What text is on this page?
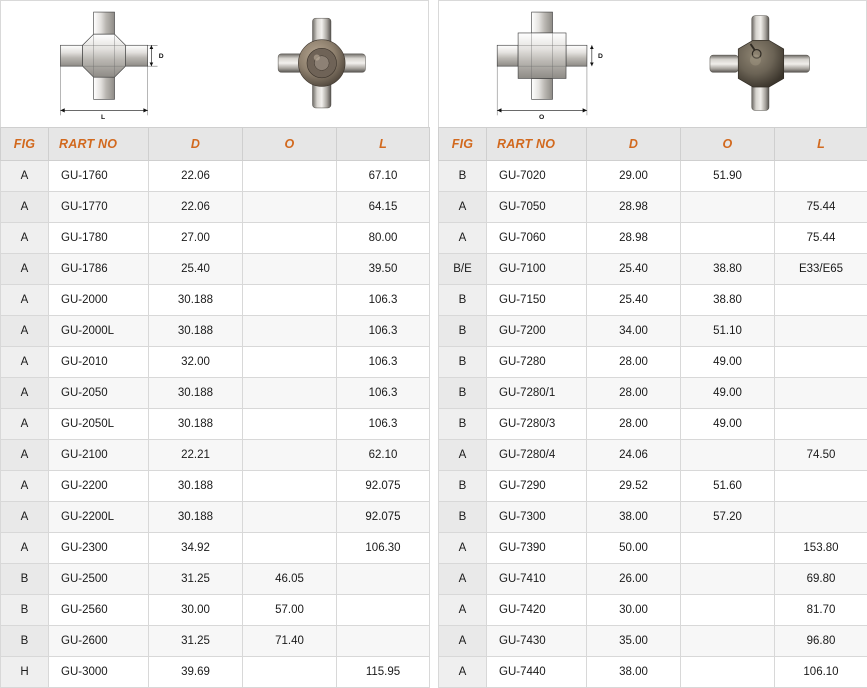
D
L
FIG	RART NO	D	O	L
A	GU-1760	22.06		67.10
A	GU-1770	22.06		64.15
A	GU-1780	27.00		80.00
A	GU-1786	25.40		39.50
A	GU-2000	30.188		106.3
A	GU-2000L	30.188		106.3
A	GU-2010	32.00		106.3
A	GU-2050	30.188		106.3
A	GU-2050L	30.188		106.3
A	GU-2100	22.21		62.10
A	GU-2200	30.188		92.075
A	GU-2200L	30.188		92.075
A	GU-2300	34.92		106.30
B	GU-2500	31.25	46.05	
B	GU-2560	30.00	57.00	
B	GU-2600	31.25	71.40	
H	GU-3000	39.69		115.95
D
O
FIG	RART NO	D	O	L
B	GU-7020	29.00	51.90	
A	GU-7050	28.98		75.44
A	GU-7060	28.98		75.44
B/E	GU-7100	25.40	38.80	E33/E65
B	GU-7150	25.40	38.80	
B	GU-7200	34.00	51.10	
B	GU-7280	28.00	49.00	
B	GU-7280/1	28.00	49.00	
B	GU-7280/3	28.00	49.00	
A	GU-7280/4	24.06		74.50
B	GU-7290	29.52	51.60	
B	GU-7300	38.00	57.20	
A	GU-7390	50.00		153.80
A	GU-7410	26.00		69.80
A	GU-7420	30.00		81.70
A	GU-7430	35.00		96.80
A	GU-7440	38.00		106.10
